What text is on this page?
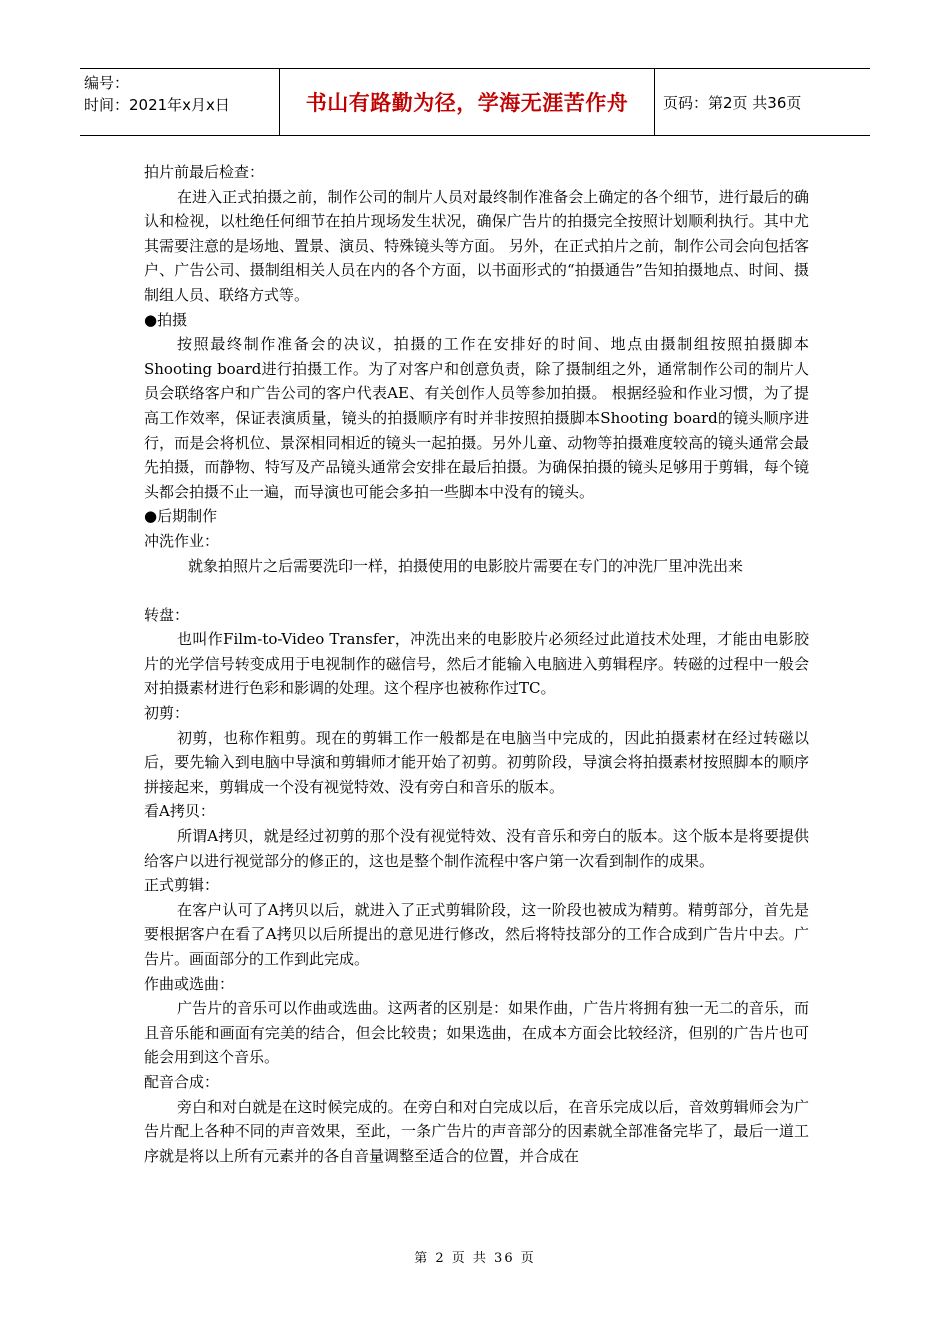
编号：
时间：2021年x月x日	书山有路勤为径，学海无涯苦作舟 页码：第2页 共36页

拍片前最后检查：

在进入正式拍摄之前，制作公司的制片人员对最终制作准备会上确定的各个细节，进行最后的确认和检视，以杜绝任何细节在拍片现场发生状况，确保广告片的拍摄完全按照计划顺利执行。其中尤其需要注意的是场地、置景、演员、特殊镜头等方面。 另外，在正式拍片之前，制作公司会向包括客户、广告公司、摄制组相关人员在内的各个方面，以书面形式的“拍摄通告”告知拍摄地点、时间、摄制组人员、联络方式等。

●拍摄

按照最终制作准备会的决议，拍摄的工作在安排好的时间、地点由摄制组按照拍摄脚本Shooting board进行拍摄工作。为了对客户和创意负责，除了摄制组之外，通常制作公司的制片人员会联络客户和广告公司的客户代表AE、有关创作人员等参加拍摄。 根据经验和作业习惯，为了提高工作效率，保证表演质量，镜头的拍摄顺序有时并非按照拍摄脚本Shooting board的镜头顺序进行，而是会将机位、景深相同相近的镜头一起拍摄。另外儿童、动物等拍摄难度较高的镜头通常会最先拍摄，而静物、特写及产品镜头通常会安排在最后拍摄。为确保拍摄的镜头足够用于剪辑，每个镜头都会拍摄不止一遍，而导演也可能会多拍一些脚本中没有的镜头。

●后期制作

冲洗作业：

就象拍照片之后需要洗印一样，拍摄使用的电影胶片需要在专门的冲洗厂里冲洗出来

转盘：

也叫作Film-to-Video Transfer，冲洗出来的电影胶片必须经过此道技术处理，才能由电影胶片的光学信号转变成用于电视制作的磁信号，然后才能输入电脑进入剪辑程序。转磁的过程中一般会对拍摄素材进行色彩和影调的处理。这个程序也被称作过TC。

初剪：

初剪，也称作粗剪。现在的剪辑工作一般都是在电脑当中完成的，因此拍摄素材在经过转磁以后，要先输入到电脑中导演和剪辑师才能开始了初剪。初剪阶段，导演会将拍摄素材按照脚本的顺序拼接起来，剪辑成一个没有视觉特效、没有旁白和音乐的版本。

看A拷贝：

所谓A拷贝，就是经过初剪的那个没有视觉特效、没有音乐和旁白的版本。这个版本是将要提供给客户以进行视觉部分的修正的，这也是整个制作流程中客户第一次看到制作的成果。

正式剪辑：

在客户认可了A拷贝以后，就进入了正式剪辑阶段，这一阶段也被成为精剪。精剪部分，首先是要根据客户在看了A拷贝以后所提出的意见进行修改，然后将特技部分的工作合成到广告片中去。广告片。画面部分的工作到此完成。

作曲或选曲：

广告片的音乐可以作曲或选曲。这两者的区别是：如果作曲，广告片将拥有独一无二的音乐，而且音乐能和画面有完美的结合，但会比较贵；如果选曲，在成本方面会比较经济，但别的广告片也可能会用到这个音乐。

配音合成：

旁白和对白就是在这时候完成的。在旁白和对白完成以后，在音乐完成以后，音效剪辑师会为广告片配上各种不同的声音效果，至此，一条广告片的声音部分的因素就全部准备完毕了，最后一道工序就是将以上所有元素并的各自音量调整至适合的位置，并合成在

第 2 页 共 36 页
